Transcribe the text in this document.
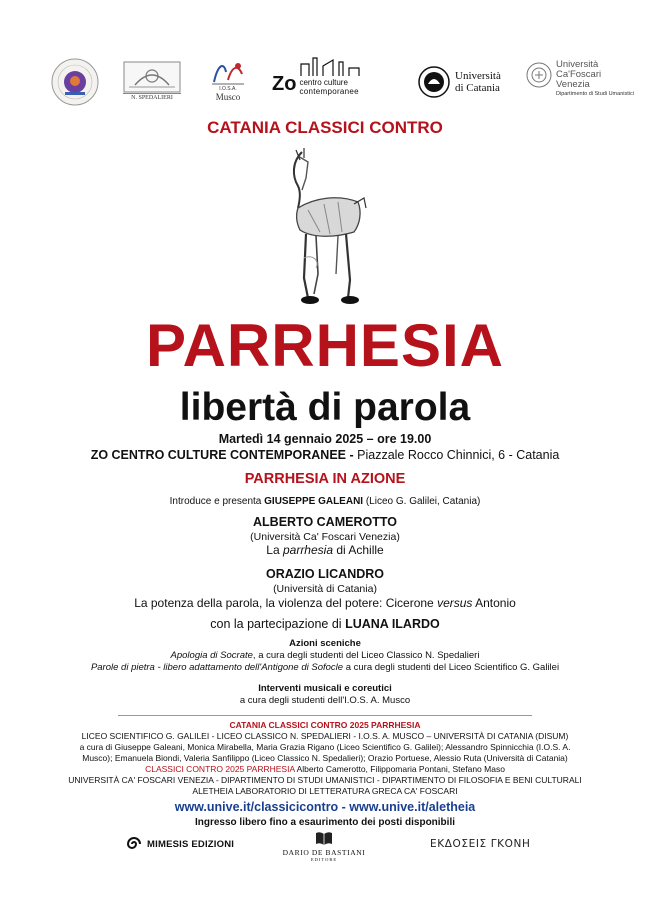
N. SPEDALIERI
I.O.S.A.
Musco
Zo centro culture
contemporanee
Università
di Catania
Università
Ca'Foscari
Venezia
Dipartimento di Studi Umanistici
CATANIA CLASSICI CONTRO
PARRHESIA
libertà di parola
Martedì 14 gennaio 2025 – ore 19.00
ZO CENTRO CULTURE CONTEMPORANEE - Piazzale Rocco Chinnici, 6 - Catania
PARRHESIA IN AZIONE
Introduce e presenta GIUSEPPE GALEANI (Liceo G. Galilei, Catania)
ALBERTO CAMEROTTO
(Università Ca' Foscari Venezia)
La parrhesia di Achille
ORAZIO LICANDRO
(Università di Catania)
La potenza della parola, la violenza del potere: Cicerone versus Antonio
con la partecipazione di LUANA ILARDO
Azioni sceniche
Apologia di Socrate, a cura degli studenti del Liceo Classico N. Spedalieri
Parole di pietra - libero adattamento dell'Antigone di Sofocle a cura degli studenti del Liceo Scientifico G. Galilei
Interventi musicali e coreutici
a cura degli studenti dell'I.O.S. A. Musco
CATANIA CLASSICI CONTRO 2025 PARRHESIA
LICEO SCIENTIFICO G. GALILEI - LICEO CLASSICO N. SPEDALIERI - I.O.S. A. MUSCO – UNIVERSITÀ DI CATANIA (DISUM)
a cura di Giuseppe Galeani, Monica Mirabella, Maria Grazia Rigano (Liceo Scientifico G. Galilei); Alessandro Spinnicchia (I.O.S. A.
Musco); Emanuela Biondi, Valeria Sanfilippo (Liceo Classico N. Spedalieri); Orazio Portuese, Alessio Ruta (Università di Catania)
CLASSICI CONTRO 2025 PARRHESIA Alberto Camerotto, Filippomaria Pontani, Stefano Maso
UNIVERSITÀ CA' FOSCARI VENEZIA - DIPARTIMENTO DI STUDI UMANISTICI - DIPARTIMENTO DI FILOSOFIA E BENI CULTURALI
ALETHEIA LABORATORIO DI LETTERATURA GRECA CA' FOSCARI
www.unive.it/classicicontro - www.unive.it/aletheia
Ingresso libero fino a esaurimento dei posti disponibili
MIMESIS EDIZIONI
DARIO DE BASTIANI
EDITORE
ΕΚΔΟΣΕΙΣ ΓΚΟΝΗ
